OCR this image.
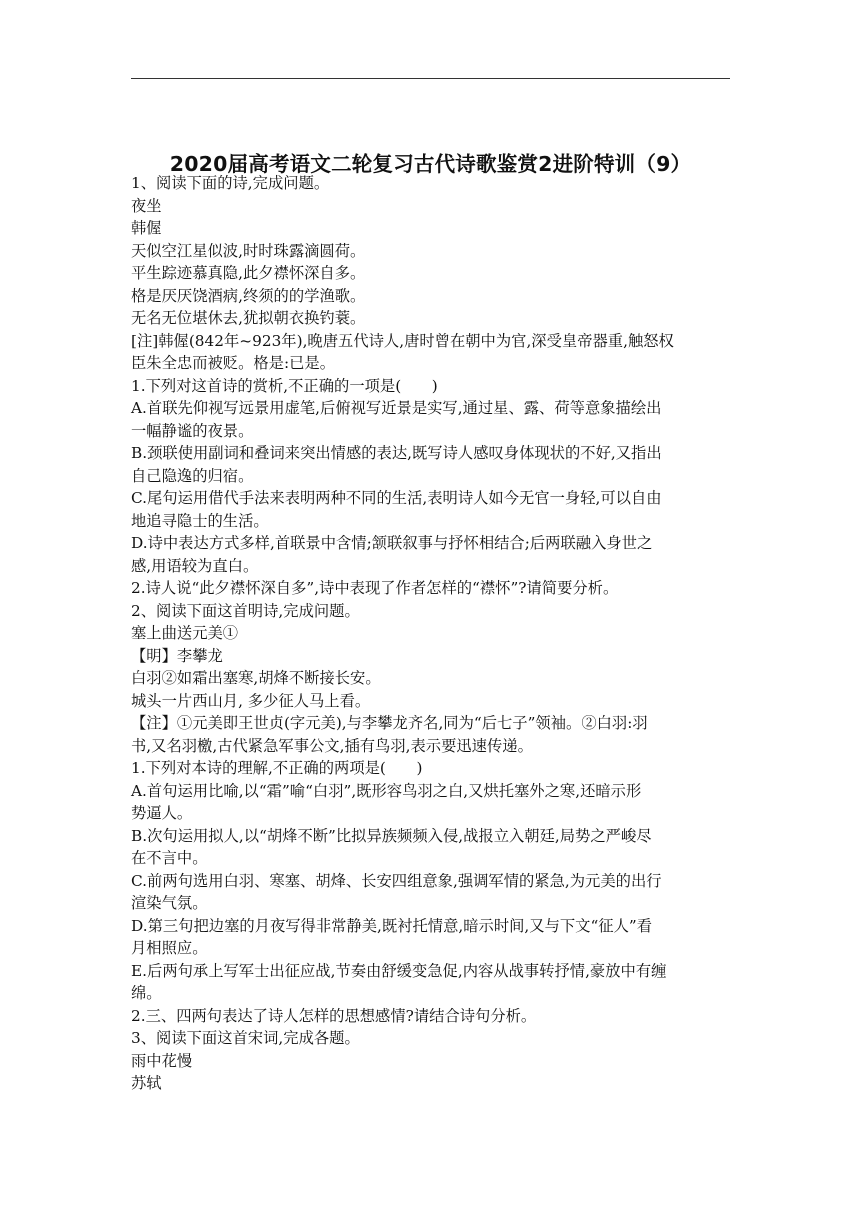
2020届高考语文二轮复习古代诗歌鉴赏2进阶特训（9）

1、阅读下面的诗,完成问题。

夜坐

韩偓

天似空江星似波,时时珠露滴圆荷。

平生踪迹慕真隐,此夕襟怀深自多。

格是厌厌饶酒病,终须的的学渔歌。

无名无位堪休去,犹拟朝衣换钓蓑。

[注]韩偓(842年~923年),晚唐五代诗人,唐时曾在朝中为官,深受皇帝器重,触怒权

臣朱全忠而被贬。格是:已是。

1.下列对这首诗的赏析,不正确的一项是(　　)

A.首联先仰视写远景用虚笔,后俯视写近景是实写,通过星、露、荷等意象描绘出

一幅静谧的夜景。

B.颈联使用副词和叠词来突出情感的表达,既写诗人感叹身体现状的不好,又指出

自己隐逸的归宿。

C.尾句运用借代手法来表明两种不同的生活,表明诗人如今无官一身轻,可以自由

地追寻隐士的生活。

D.诗中表达方式多样,首联景中含情;颔联叙事与抒怀相结合;后两联融入身世之

感,用语较为直白。

2.诗人说“此夕襟怀深自多”,诗中表现了作者怎样的“襟怀”?请简要分析。

2、阅读下面这首明诗,完成问题。

塞上曲送元美①

【明】李攀龙

白羽②如霜出塞寒,胡烽不断接长安。

城头一片西山月, 多少征人马上看。

【注】①元美即王世贞(字元美),与李攀龙齐名,同为“后七子”领袖。②白羽:羽

书,又名羽檄,古代紧急军事公文,插有鸟羽,表示要迅速传递。

1.下列对本诗的理解,不正确的两项是(　　)

A.首句运用比喻,以“霜”喻“白羽”,既形容鸟羽之白,又烘托塞外之寒,还暗示形

势逼人。

B.次句运用拟人,以“胡烽不断”比拟异族频频入侵,战报立入朝廷,局势之严峻尽

在不言中。

C.前两句选用白羽、寒塞、胡烽、长安四组意象,强调军情的紧急,为元美的出行

渲染气氛。

D.第三句把边塞的月夜写得非常静美,既衬托情意,暗示时间,又与下文“征人”看

月相照应。

E.后两句承上写军士出征应战,节奏由舒缓变急促,内容从战事转抒情,豪放中有缠

绵。

2.三、四两句表达了诗人怎样的思想感情?请结合诗句分析。

3、阅读下面这首宋词,完成各题。

雨中花慢

苏轼
